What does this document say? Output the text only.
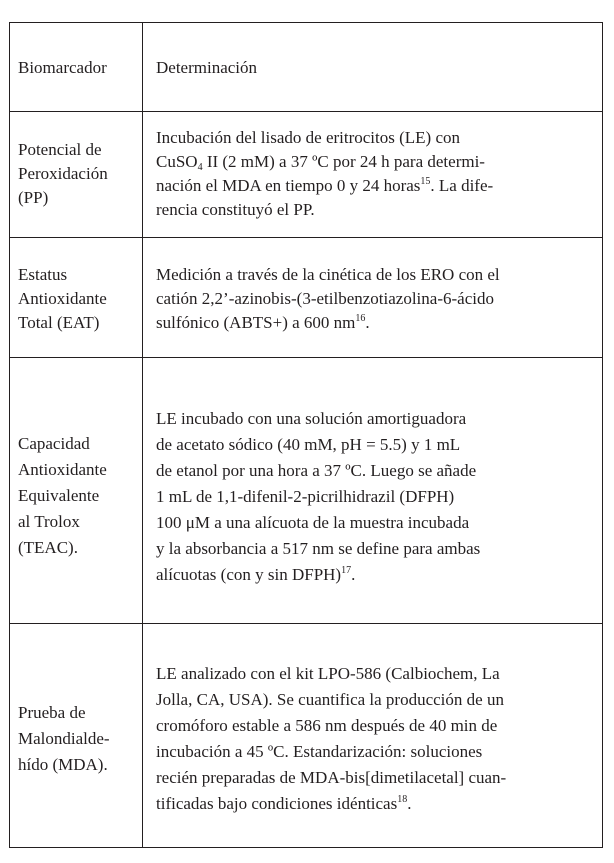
Biomarcador	Determinación
Potencial de
Peroxidación
(PP)
Incubación del lisado de eritrocitos (LE) con
CuSO$_4$ II (2 mM) a 37 ºC por 24 h para determi-
nación el MDA en tiempo 0 y 24 horas$^{15}$. La dife-
rencia constituyó el PP.
Estatus
Antioxidante
Total (EAT)
Medición a través de la cinética de los ERO con el
catión 2,2’-azinobis-(3-etilbenzotiazolina-6-ácido
sulfónico (ABTS+) a 600 $nm^{16}$.
Capacidad
Antioxidante
Equivalente
al Trolox
(TEAC).
LE incubado con una solución amortiguadora
de acetato sódico (40 mM, pH = 5.5) y 1 mL
de etanol por una hora a 37 ºC. Luego se añade
1 mL de 1,1-difenil-2-picrilhidrazil (DFPH)
100 μM a una alícuota de la muestra incubada
y la absorbancia a 517 nm se define para ambas
alícuotas (con y sin DFPH)$^{17}$.
Prueba de
Malondialde-
hído (MDA).
LE analizado con el kit LPO-586 (Calbiochem, La
Jolla, CA, USA). Se cuantifica la producción de un
cromóforo estable a 586 nm después de 40 min de
incubación a 45 ºC. Estandarización: soluciones
recién preparadas de MDA-bis[dimetilacetal] cuan-
tificadas bajo condiciones idénticas$^{18}$.
